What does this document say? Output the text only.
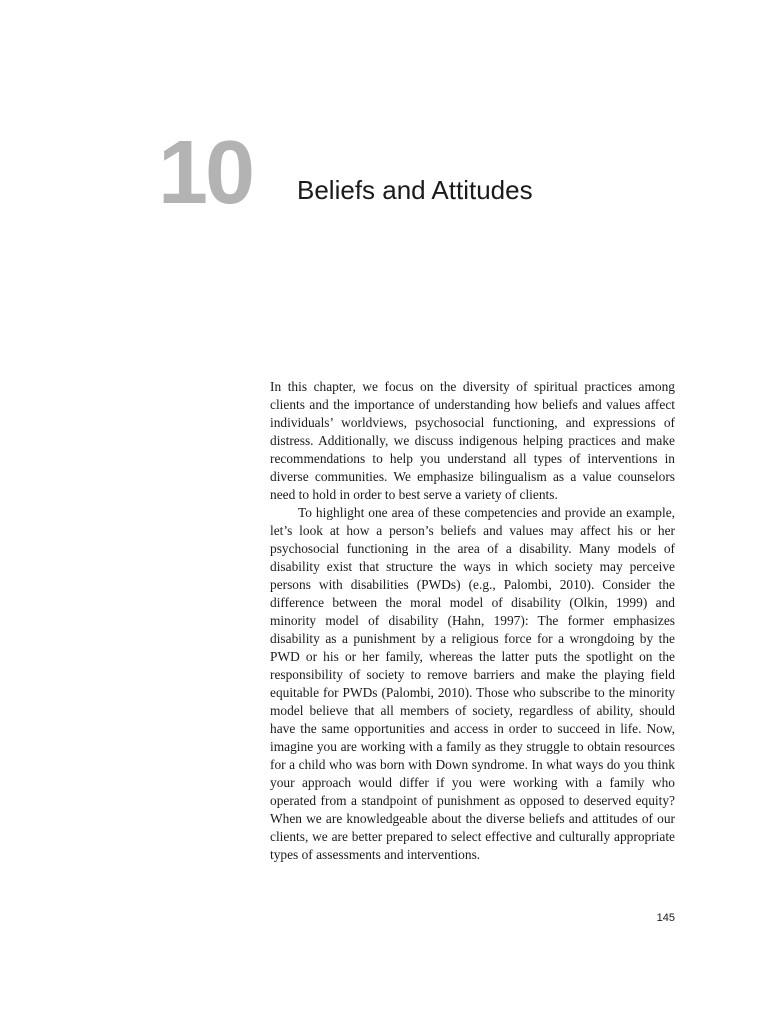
10 Beliefs and Attitudes

In this chapter, we focus on the diversity of spiritual practices among clients and the importance of understanding how beliefs and values affect individuals’ worldviews, psychosocial functioning, and expressions of distress. Additionally, we discuss indigenous helping practices and make recommendations to help you understand all types of interventions in diverse communities. We emphasize bilingualism as a value counselors need to hold in order to best serve a variety of clients.

To highlight one area of these competencies and provide an example, let’s look at how a person’s beliefs and values may affect his or her psychosocial functioning in the area of a disability. Many models of disability exist that structure the ways in which society may perceive persons with disabilities (PWDs) (e.g., Palombi, 2010). Consider the difference between the moral model of disability (Olkin, 1999) and minority model of disability (Hahn, 1997): The former emphasizes disability as a punishment by a religious force for a wrongdoing by the PWD or his or her family, whereas the latter puts the spotlight on the responsibility of society to remove barriers and make the playing field equitable for PWDs (Palombi, 2010). Those who subscribe to the minority model believe that all members of society, regardless of ability, should have the same opportunities and access in order to succeed in life. Now, imagine you are working with a family as they struggle to obtain resources for a child who was born with Down syndrome. In what ways do you think your approach would differ if you were working with a family who operated from a standpoint of punishment as opposed to deserved equity? When we are knowledgeable about the diverse beliefs and attitudes of our clients, we are better prepared to select effective and culturally appropriate types of assessments and interventions.

145
